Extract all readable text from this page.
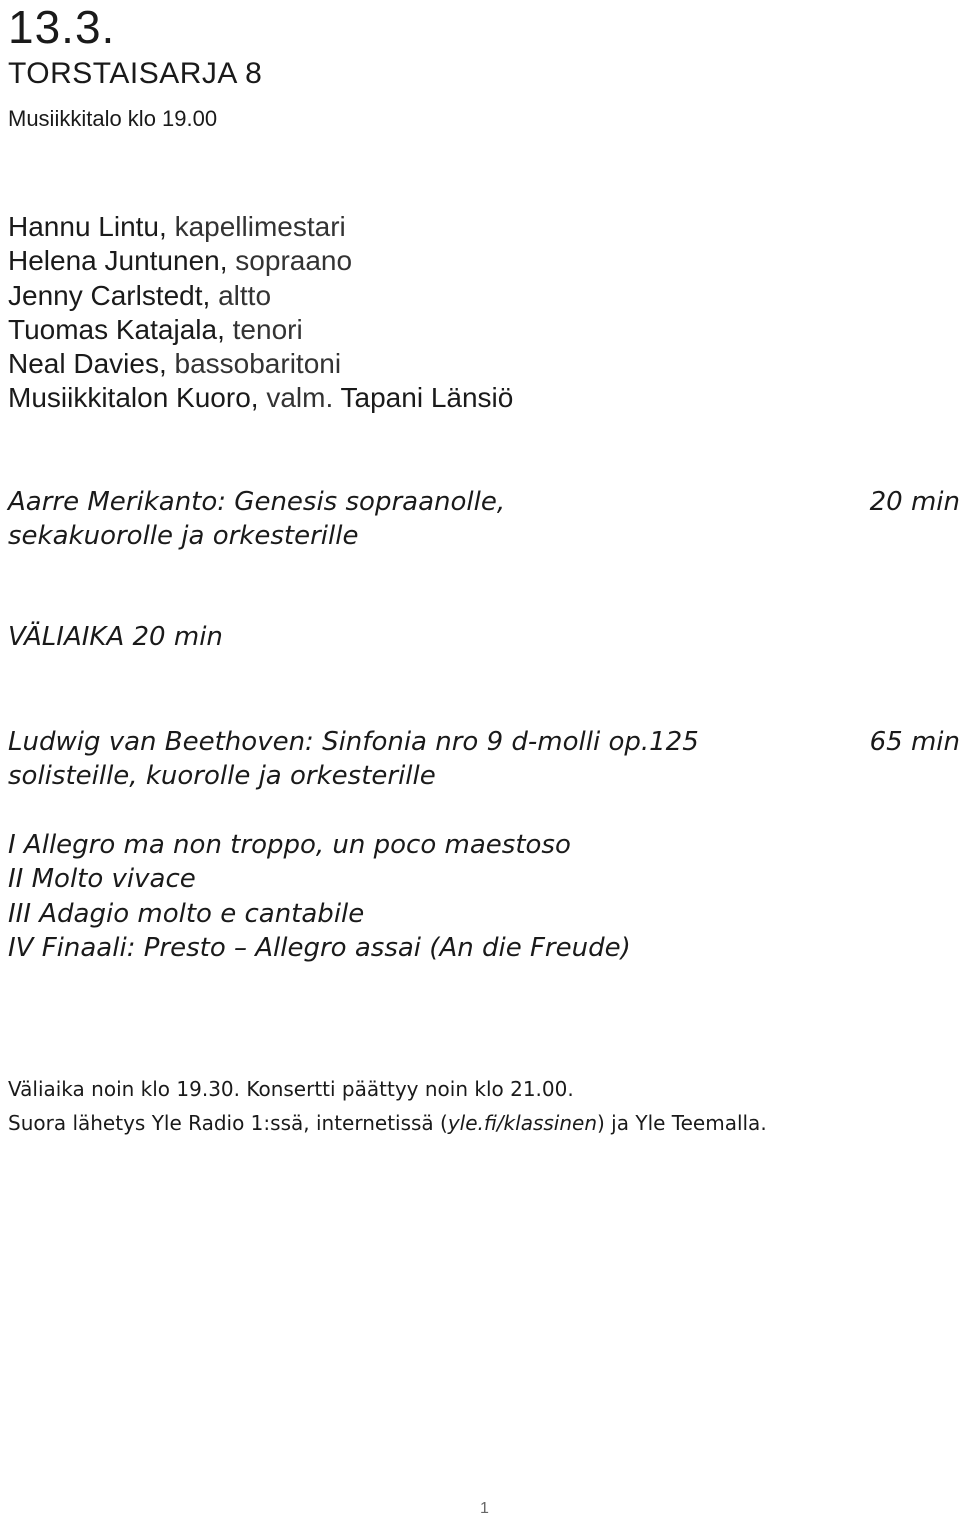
13.3.
TORSTAISARJA 8
Musiikkitalo klo 19.00
Hannu Lintu, kapellimestari
Helena Juntunen, sopraano
Jenny Carlstedt, altto
Tuomas Katajala, tenori
Neal Davies, bassobaritoni
Musiikkitalon Kuoro, valm. Tapani Länsiö
Aarre Merikanto: Genesis sopraanolle,
sekakuorolle ja orkesterille
20 min
VÄLIAIKA 20 min
Ludwig van Beethoven: Sinfonia nro 9 d-molli op.125
solisteille, kuorolle ja orkesterille
65 min
I Allegro ma non troppo, un poco maestoso
II Molto vivace
III Adagio molto e cantabile
IV Finaali: Presto – Allegro assai (An die Freude)
Väliaika noin klo 19.30. Konsertti päättyy noin klo 21.00.
Suora lähetys Yle Radio 1:ssä, internetissä (yle.fi/klassinen) ja Yle Teemalla.
1
